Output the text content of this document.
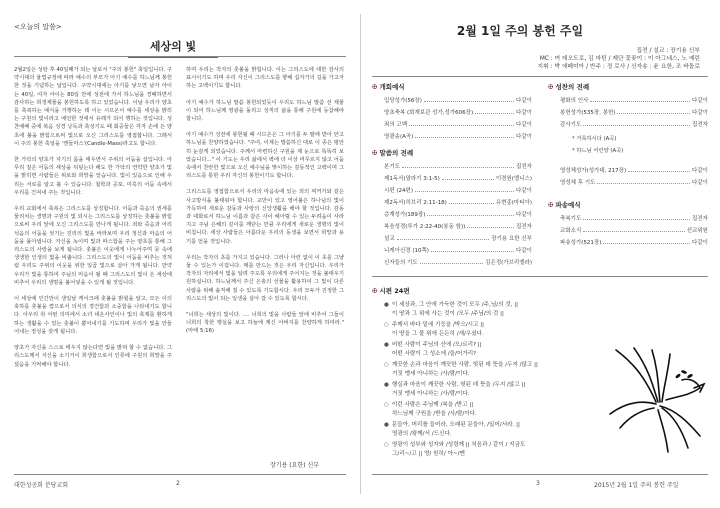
<오늘의 말씀>
세상의 빛

2월2일은 성탄 후 40일째가 되는 날로서 "주의 봉헌" 축일입니다. 구약시대의 율법규정에 따라 예수의 부모가 아기 예수를 하느님께 봉헌한 것을 기념하는 날입니다. 구약시대에는 아기를 낳으면 남자 아이는 40일, 여자 아이는 80일 만에 성전에 가서 하느님을 경배하면서 감사하는 희생제물을 봉헌하도록 하고 있었습니다. 이날 우리가 양초를 축복하는 예식을 거행하는 데 이는 시므온이 예수를 세상을 밝히는 구원의 빛이라고 예언한 것에서 유래가 되어 행하는 것입니다. 성찬예배 중에 복음 성경 낭독과 축성기도 때 회중들은 각자 손에 든 양초에 불을 밝힘으로써 빛으로 오신 그리스도를 영접합니다. 그래서 이 주의 봉헌 축일을 '캔들마스'(Candle-Mass)라고도 합니다.

한 가닥의 양초가 자기의 몸을 태우면서 주위의 어둠을 삽입니다. 아무리 짙은 어둠의 세상을 뒤덮는다 해도 한 가닥의 연약한 양초가 빛을 밝히면 사람들은 위로와 희망을 얻습니다. 빛이 있음으로 인해 우리는 서로를 알고 볼 수 있습니다. 철학과 공포, 미혹의 어둠 속에서 우리를 건져내 주는 것입니다.

우리 교회에서 축복은 그리스도를 상징합니다. 어둠과 죽음의 권세를 물리치는 생명과 구원의 빛 되시는 그리스도를 상징하는 촛불을 밝힘으로써 우리 앞에 오신 그리스도를 만나게 됩니다. 죄와 죽음과 어리석음의 어둠을 씻기는 진리의 빛을 바라보며 우리 정신과 마음의 어둠을 몰아냅니다. 자신을 녹이며 빛과 따스함을 주는 양초를 통해 그리스도의 사랑을 보게 됩니다. 촛불은 이웃에게 나누어주며 뭇 속에 생생한 인생의 빛을 비춥니다. 그리스도의 빛이 어둠을 비추는 것처럼 우리도 주위의 이웃을 위한 일곱 빛으로 살아 가게 됩니다. 만약 우리가 빛을 통하여 주님의 마음이 될 때 그리스도의 빛이 온 세상에 비추어 우리의 생명을 불어넣을 수 있게 될 것입니다.

이 세상에 인간만이 생일날 케이크에 촛불을 밝힐을 알고, 모든 이의 축하를 촛불을 켬으로서 의식의 경건함과 소중함을 나타내기도 합니다. 아우리 취 어떤 의미에서 소녀 네온사인이나 빛의 축제를 환하게 하는 생활을 수 있는 촛불이 뿜어내기를 기도하며 우리가 빛을 만들어내는 정성을 갖게 됩니다.

양초가 자신을 스스로 태우지 않는다면 빛을 밝혀 할 수 없습니다. 그리스도께서 자신을 소기거이 희생함으로서 인류에 구원의 희망을 주셨음을 기억해야 합니다.

하며 우리는 작자의 촛불을 밝힙니다. 이는 그리스도에 대한 감사의 표시이기도 하며 우리 자신이 그리스도를 향해 십자가의 길을 가고자 하는 고백이기도 합니다.

아기 예수가 하느님 말씀 봉헌되었듯이 우리도 하느님 말씀 선 제물이 되어 하느님께 영광을 돌리고 성직의 삶을 통해 구원에 동참해야 합니다.

아기 예수가 성전에 봉헌될 때 시므온은 그 아기를 두 팔에 받아 안고 하느님을 찬양하였습니다. "주여, 이제는 말씀하신 대로 이 종은 평안히 눈감게 되었습니다. 주께서 마련하신 구원을 제 눈으로 똑똑히 보았습니다..." 이 기도는 우리 삶에서 벽에 더 이상 머무르지 않고 어둠 속에서 찬란한 빛으로 오신 예수님을 맞이하는 감동적인 고백이며 그리스도를 통한 우리 자신의 봉헌이기도 합니다.

그리스도를 영접함으로서 우리의 마음속에 있는 죄의 찌꺼기와 같은 사고방식을 불태워야 합니다. 교만이 있고 영어불은 하나님의 빛이 가득하여 새로운 감동과 사랑의 신앙생활을 해야 할 것입니다. 감동과 대화로서 하느님 이름과 같은 사이 헤아릴 수 있는 두려움이 사라지고 주님 은혜의 깊이를 깨닫는 만큼 우리에게 새로운 생명의 빛이 비칩니다. 세상 사람들은 아름다운 우리의 동생을 보면서 희망과 용기를 얻을 것입니다.

우리는 작자의 초를 가지고 있습니다. 그러나 아런 없이 이 초를 그냥 둘 수 있는가 이겁니다. 매를 만드는 것은 우리 자신입니다. 우리가 작자의 자리에서 빛을 알려 주도록 우리에게 주어지는 것을 불태우기 원하십니다. 하느님께서 주신 은총의 선물을 활용하여 그 빛이 다른 사람을 위해 솔직해 질 수 있도록 기도합시다. 우리 모두가 진정한 그리스도의 빛이 되는 일생을 살아 갈 수 있도록 합시다.

"너희는 세상의 빛이다. .... 너희의 빛을 사람들 앞에 비추어 그들이 너희의 착한 행실을 보고 하늘에 계신 아버지를 찬양하게 하여라." (마태 5:16)

장기용 (요한) 신부
대한성공회 분당교회	2
2월 1일 주의 봉헌 주일
집전 / 설교 : 장기용 신부
MC : 여 데오도로, 김 마틴 / 제단 꽃꽂이 : 이 아그네스, 노 예린
지휘 : 박 에페미아 / 반주 : 정 로사 / 신자송 : 윤 요한, 조 바돌로
✠ 개회예식
입당성가(56장)	다같이
양초축복 (회재보관 성가,성가606장)	다같이
죄의 고백	다같이
영광송(A곡)	다같이
✠ 말씀의 전례
본기도	집전자
제1독서(말라기 3:1-5)	이경원(엘니스)
시편 (24편)	다같이
제2독서(히브리 2:11-18)	유현종(마티아)
층계성가(189장)	다같이
복음성경(루가 2:22-40(봉동 함))	집전자
설교	장기용 요한 신부
니케아신경 (10쪽)	다같이
신자들의 기도	김은정(가브리엘라)
✠ 성찬의 전례
평화의 인사	다같이
봉헌성가(535장, 봉헌)	다같이
감사기도	집전자
* 거룩하시다 (A곡)
* 하느님 어린양 (A곡)
영성체성가(성가대, 217장)	다같이
영성체 후 기도	다같이
✠ 파송예식
축복기도	집전자
교회소식	선교위원
파송성가(521장)	다같이
✠ 시편 24편
● 이 세상과, 그 안에 가득한 것이 모두 /주,님/의 것, ||
이 땅과 그 위에 사는 것이 /모두 /주님/의 것 ||
○ 주께서 바다 밑에 기둥을 /박으/시고 ||
이 땅을 그 물 위에 든든히 /세/우셨다.
● 어떤 사람이 주님의 산에 /오/르리? ||
어떤 사람이 그 성소에 /들/어가리?
○ 깨끗한 손과 마음이 깨끗한 사람, 헛된 데 뜻을 /두지 /않고 ||
거짓 맹세 아니하는 /사/람/이다.
● 행실과 마음이 깨끗한 사람, 헛된 데 뜻을 /두지 /않고 ||
거짓 맹세 아니하는 /사/람/이다.
○ 이런 사람은 주님께 /복을 /받고 ||
하느님께 구원을 /받을 /사/람/이다.
● 문들아, 머리를 들어라, 오래된 문들아, /일어/서라. ||
영광의 /왕께/서 /드신다.
○ 영광이 성부와 성자와 /성령께 || 처음과 / 같이 / 지금도
그/리~/고 || 영/ 원히/ 아~/멘
3	2015년 2월 1일 주의 봉헌 주일
